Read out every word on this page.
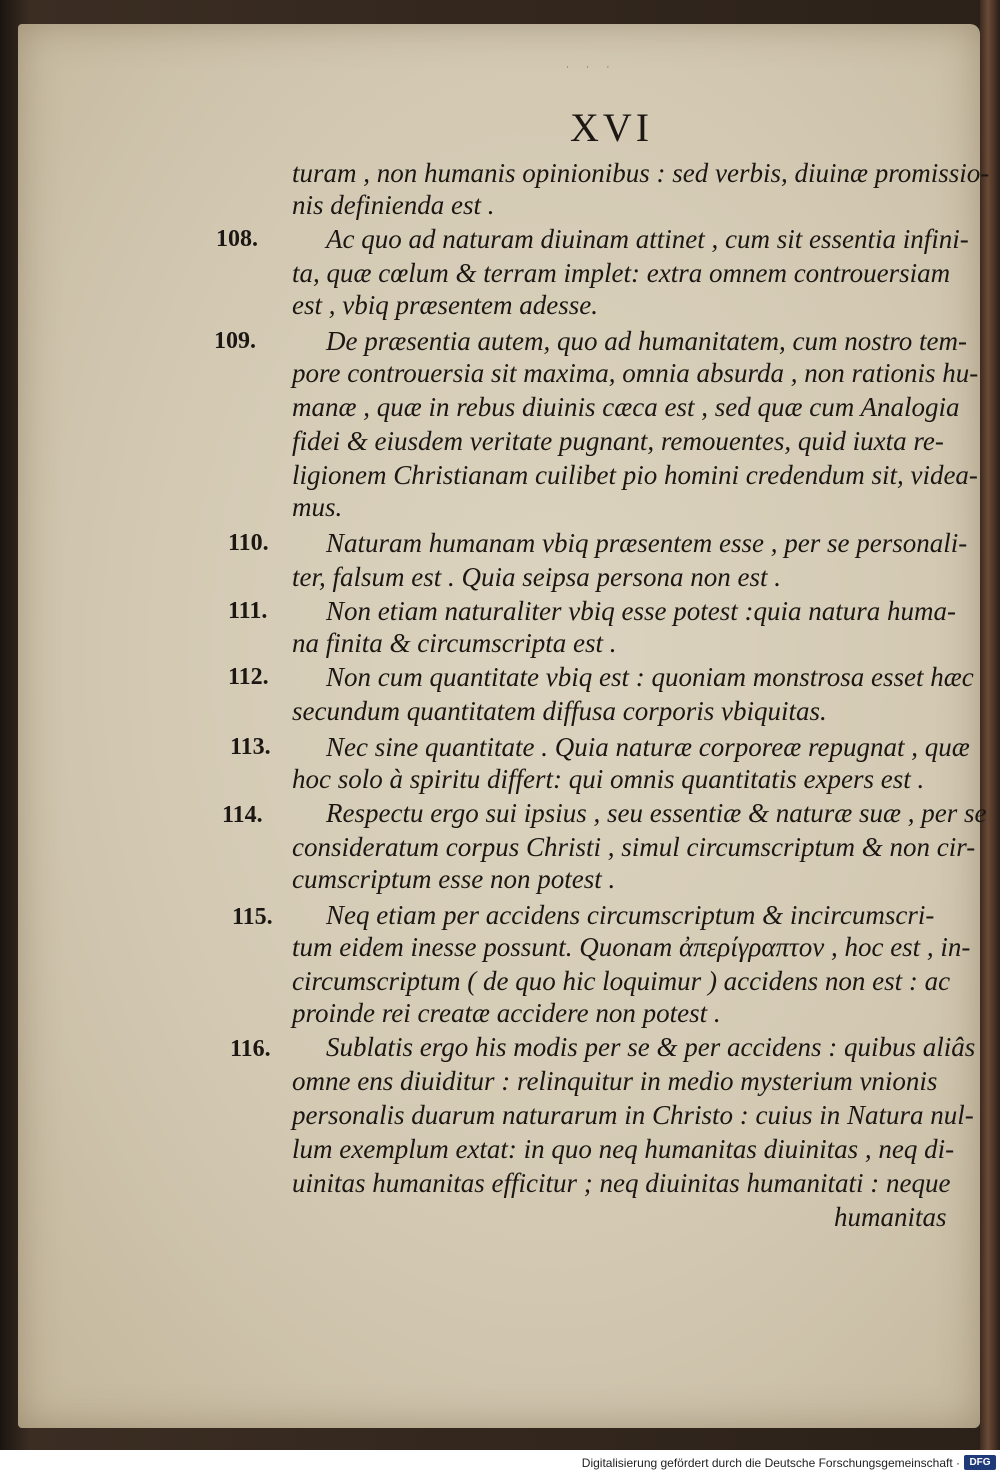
˙ ˙ ˙
XVI
turam , non humanis opinionibus : sed verbis, diuinæ promissio-
nis definienda est .
108.	Ac quo ad naturam diuinam attinet , cum sit essentia infini-
ta, quæ cœlum & terram implet: extra omnem controuersiam
est , vbiq præsentem adesse.
109.	De præsentia autem, quo ad humanitatem, cum nostro tem-
pore controuersia sit maxima, omnia absurda , non rationis hu-
manæ , quæ in rebus diuinis cæca est , sed quæ cum Analogia
fidei & eiusdem veritate pugnant, remouentes, quid iuxta re-
ligionem Christianam cuilibet pio homini credendum sit, videa-
mus.
110. Naturam humanam vbiq præsentem esse , per se personali-
ter, falsum est . Quia seipsa persona non est .
111. Non etiam naturaliter vbiq esse potest :quia natura huma-
na finita & circumscripta est .
112. Non cum quantitate vbiq est : quoniam monstrosa esset hæc
secundum quantitatem diffusa corporis vbiquitas.
113. Nec sine quantitate . Quia naturæ corporeæ repugnat , quæ
hoc solo à spiritu differt: qui omnis quantitatis expers est .
114. Respectu ergo sui ipsius , seu essentiæ & naturæ suæ , per se
consideratum corpus Christi , simul circumscriptum & non cir-
cumscriptum esse non potest .
115. Neq etiam per accidens circumscriptum & incircumscri-
tum eidem inesse possunt. Quonam ἀπερίγραπτον , hoc est , in-
circumscriptum ( de quo hic loquimur ) accidens non est : ac
proinde rei creatæ accidere non potest .
116. Sublatis ergo his modis per se & per accidens : quibus aliâs
omne ens diuiditur : relinquitur in medio mysterium vnionis
personalis duarum naturarum in Christo : cuius in Natura nul-
lum exemplum extat: in quo neq humanitas diuinitas , neq di-
uinitas humanitas efficitur ; neq diuinitas humanitati : neque
humanitas
Digitalisierung gefördert durch die Deutsche Forschungsgemeinschaft · DFG
